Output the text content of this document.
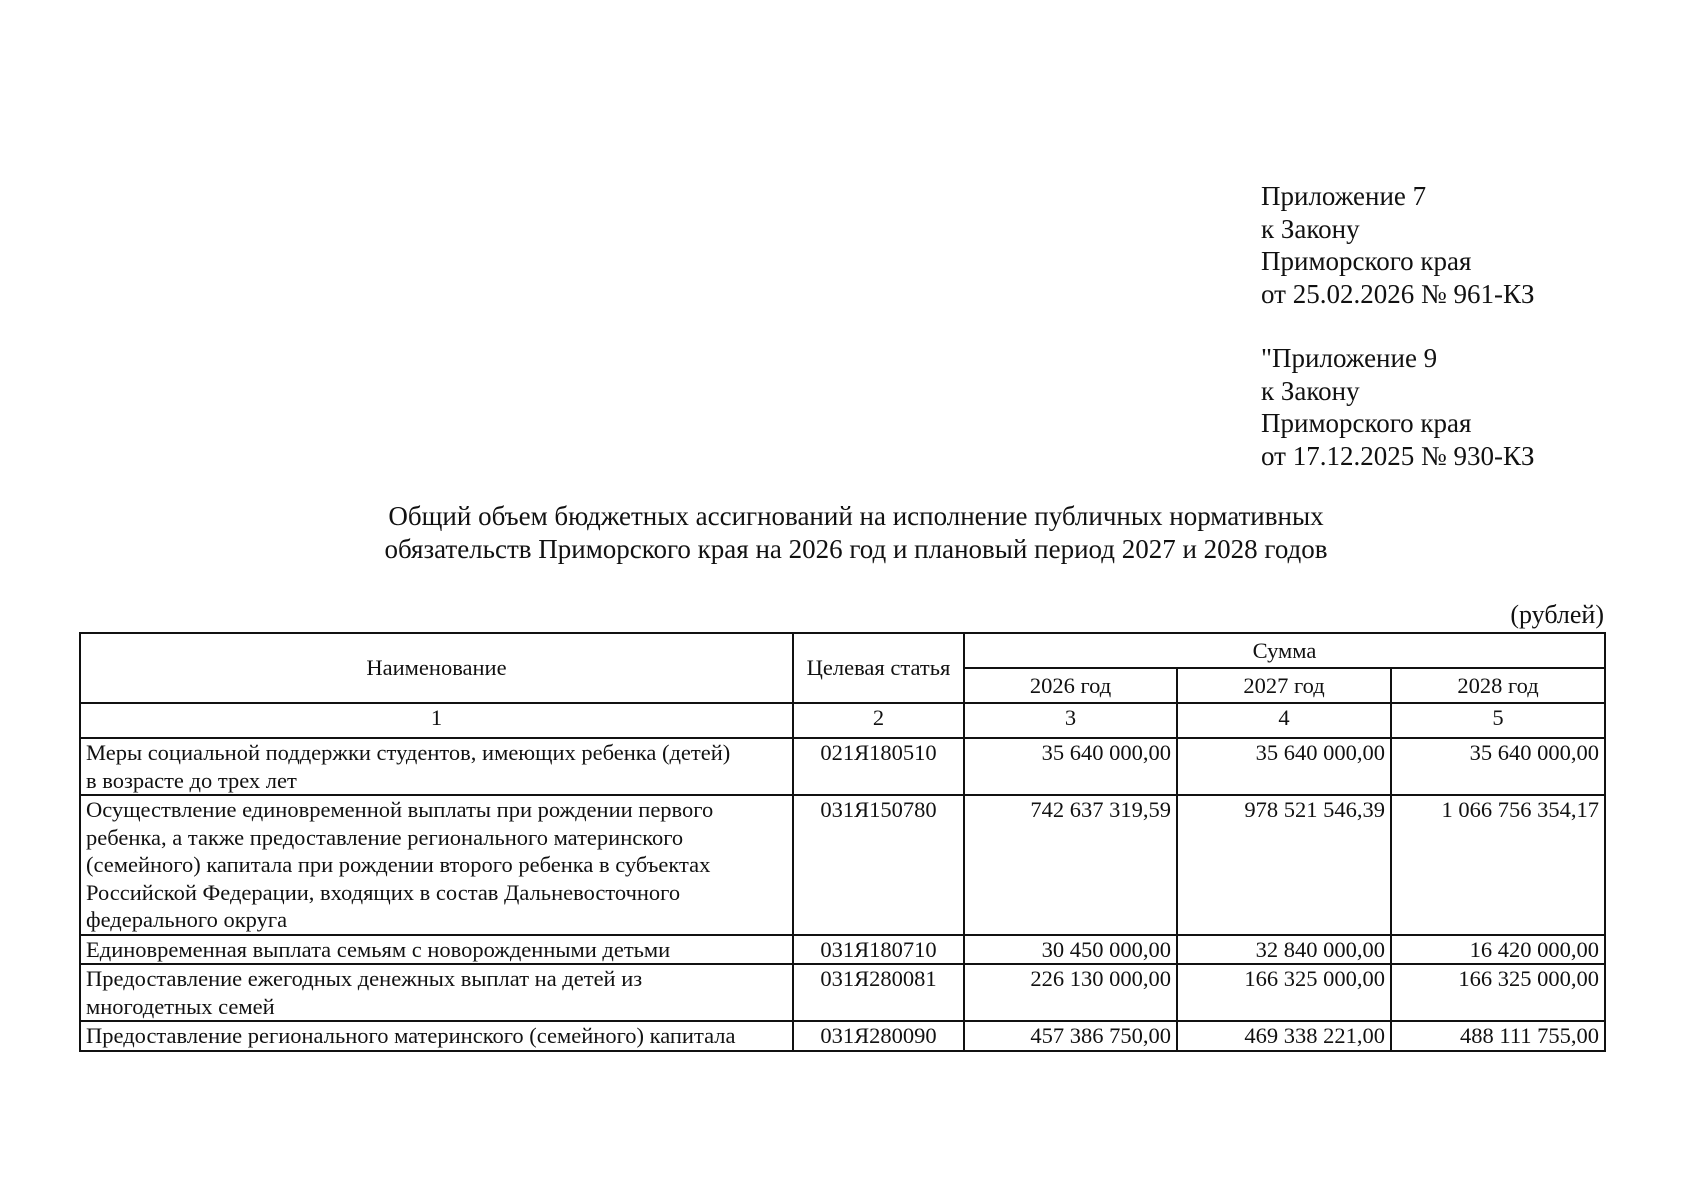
Приложение 7
к Закону
Приморского края
от 25.02.2026 № 961-КЗ
"Приложение 9
к Закону
Приморского края
от 17.12.2025 № 930-КЗ
Общий объем бюджетных ассигнований на исполнение публичных нормативных
обязательств Приморского края на 2026 год и плановый период 2027 и 2028 годов
(рублей)
Наименование	Целевая статья	Сумма		
		2026 год	2027 год	2028 год
1	2	3	4	5

Меры социальной поддержки студентов, имеющих ребенка (детей)
в возрасте до трех лет	021Я180510	35 640 000,00	35 640 000,00	35 640 000,00

Осуществление единовременной выплаты при рождении первого
ребенка, а также предоставление регионального материнского
(семейного) капитала при рождении второго ребенка в субъектах
Российской Федерации, входящих в состав Дальневосточного
федерального округа	031Я150780	742 637 319,59	978 521 546,39	1 066 756 354,17

Единовременная выплата семьям с новорожденными детьми	031Я180710	30 450 000,00	32 840 000,00	16 420 000,00

Предоставление ежегодных денежных выплат на детей из
многодетных семей	031Я280081	226 130 000,00	166 325 000,00	166 325 000,00

Предоставление регионального материнского (семейного) капитала	031Я280090	457 386 750,00	469 338 221,00	488 111 755,00
